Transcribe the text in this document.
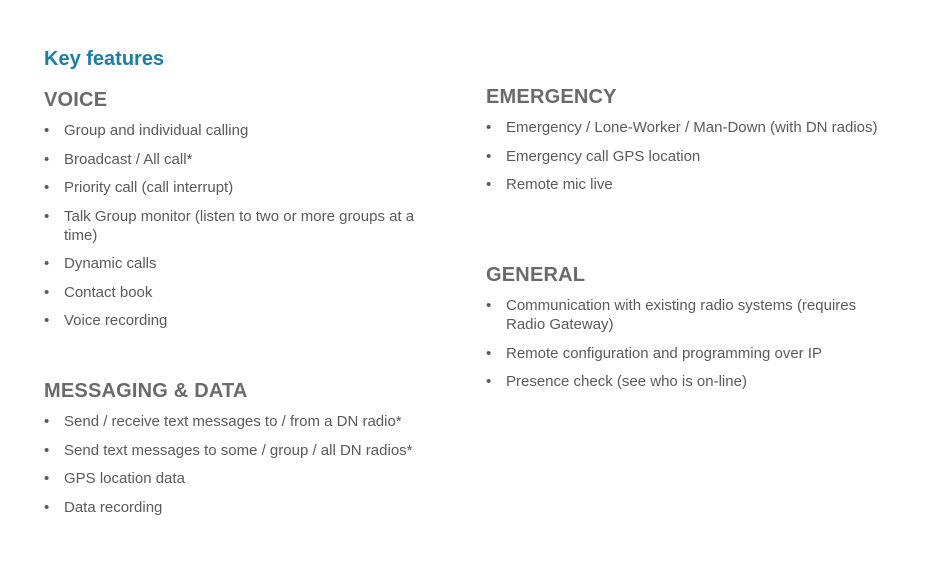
Key features
VOICE
• Group and individual calling
• Broadcast / All call*
• Priority call (call interrupt)
• Talk Group monitor (listen to two or more groups at a time)
• Dynamic calls
• Contact book
• Voice recording
MESSAGING & DATA
• Send / receive text messages to / from a DN radio*
• Send text messages to some / group / all DN radios*
• GPS location data
• Data recording
EMERGENCY
• Emergency / Lone-Worker / Man-Down (with DN radios)
• Emergency call GPS location
• Remote mic live
GENERAL
• Communication with existing radio systems (requires Radio Gateway)
• Remote configuration and programming over IP
• Presence check (see who is on-line)
